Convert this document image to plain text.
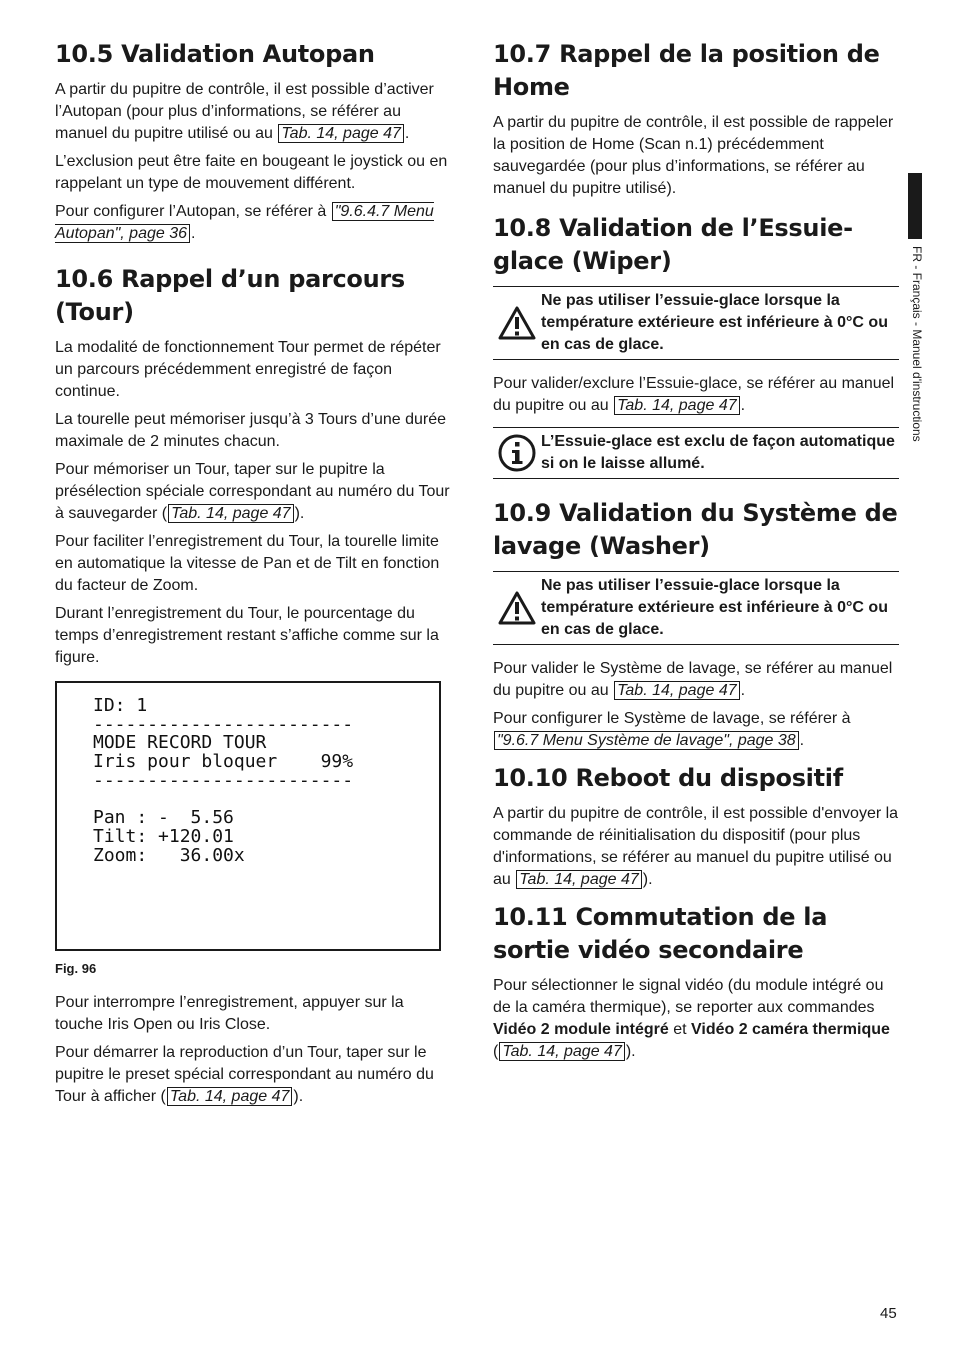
FR - Français - Manuel d'instructions
10.5 Validation Autopan

A partir du pupitre de contrôle, il est possible d’activer l’Autopan (pour plus d’informations, se référer au manuel du pupitre utilisé ou au Tab. 14, page 47 .

L’exclusion peut être faite en bougeant le joystick ou en rappelant un type de mouvement différent.

Pour configurer l’Autopan, se référer à "9.6.4.7 Menu Autopan", page 36 .

10.6 Rappel d’un parcours (Tour)

La modalité de fonctionnement Tour permet de répéter un parcours précédemment enregistré de façon continue.

La tourelle peut mémoriser jusqu’à 3 Tours d’une durée maximale de 2 minutes chacun.

Pour mémoriser un Tour, taper sur le pupitre la présélection spéciale correspondant au numéro du Tour à sauvegarder ( Tab. 14, page 47 ).

Pour faciliter l’enregistrement du Tour, la tourelle limite en automatique la vitesse de Pan et de Tilt en fonction du facteur de Zoom.

Durant l’enregistrement du Tour, le pourcentage du temps d’enregistrement restant s’affiche comme sur la figure.

ID: 1
------------------------
MODE RECORD TOUR
Iris pour bloquer    99%
------------------------

Pan : -  5.56
Tilt: +120.01
Zoom:   36.00x
Fig. 96

Pour interrompre l’enregistrement, appuyer sur la touche Iris Open ou Iris Close.

Pour démarrer la reproduction d’un Tour, taper sur le pupitre le preset spécial correspondant au numéro du Tour à afficher ( Tab. 14, page 47 ).

10.7 Rappel de la position de Home

A partir du pupitre de contrôle, il est possible de rappeler la position de Home (Scan n.1) précédemment sauvegardée (pour plus d’informations, se référer au manuel du pupitre utilisé).

10.8 Validation de l’Essuie-glace (Wiper)
Ne pas utiliser l’essuie-glace lorsque la température extérieure est inférieure à 0°C ou en cas de glace.

Pour valider/exclure l’Essuie-glace, se référer au manuel du pupitre ou au Tab. 14, page 47 .

L’Essuie-glace est exclu de façon automatique si on le laisse allumé.
10.9 Validation du Système de lavage (Washer)
Ne pas utiliser l’essuie-glace lorsque la température extérieure est inférieure à 0°C ou en cas de glace.

Pour valider le Système de lavage, se référer au manuel du pupitre ou au Tab. 14, page 47 .

Pour configurer le Système de lavage, se référer à "9.6.7 Menu Système de lavage", page 38 .

10.10 Reboot du dispositif

A partir du pupitre de contrôle, il est possible d'envoyer la commande de réinitialisation du dispositif (pour plus d'informations, se référer au manuel du pupitre utilisé ou au Tab. 14, page 47 ).

10.11 Commutation de la sortie vidéo secondaire

Pour sélectionner le signal vidéo (du module intégré ou de la caméra thermique), se reporter aux commandes Vidéo 2 module intégré et Vidéo 2 caméra thermique ( Tab. 14, page 47 ).

45
